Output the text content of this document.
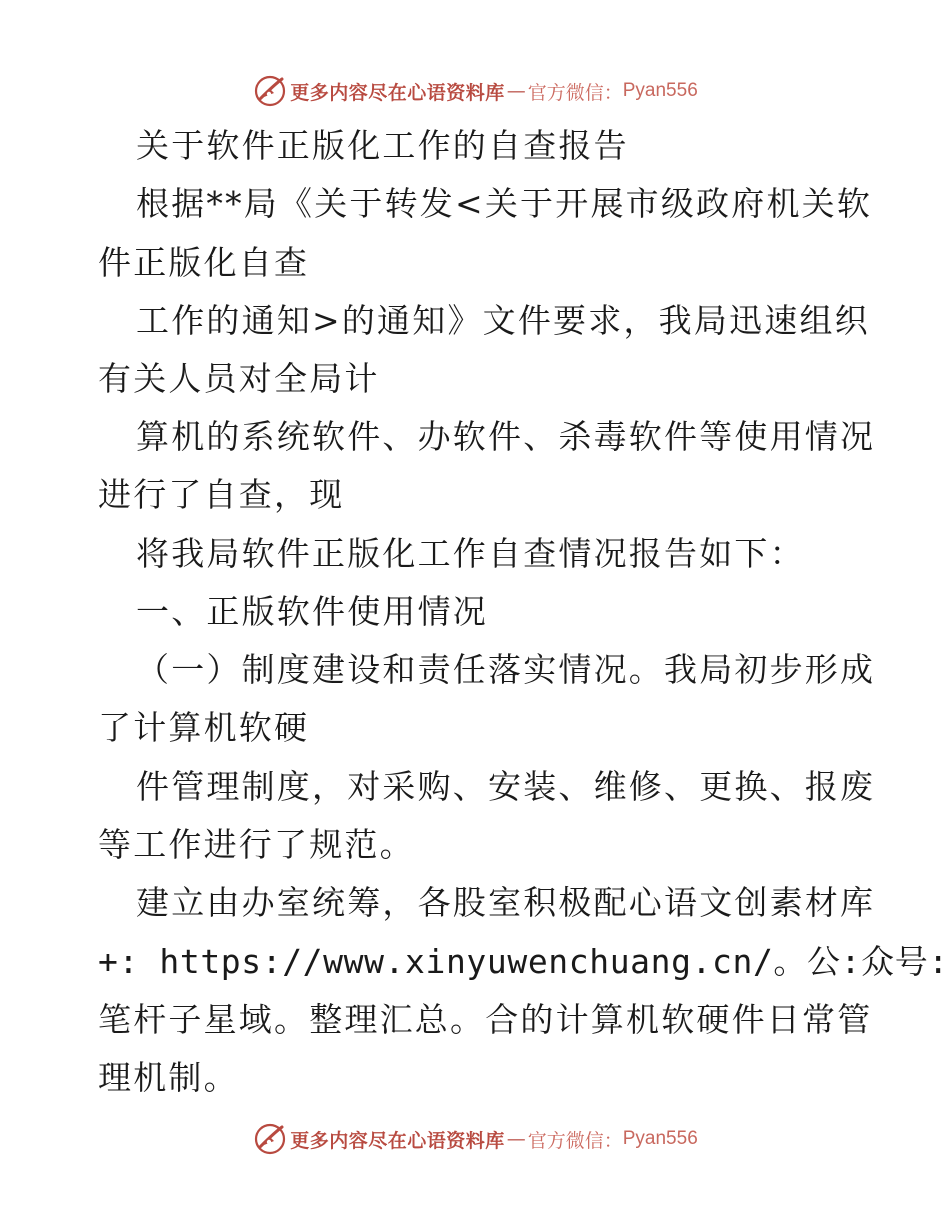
更多内容尽在心语资料库 — 官方微信： Pyan556
关于软件正版化工作的自查报告
根据**局《关于转发<关于开展市级政府机关软
件正版化自查
工作的通知>的通知》文件要求，我局迅速组织
有关人员对全局计
算机的系统软件、办软件、杀毒软件等使用情况
进行了自查，现
将我局软件正版化工作自查情况报告如下：
一、正版软件使用情况
（一）制度建设和责任落实情况。我局初步形成
了计算机软硬
件管理制度，对采购、安装、维修、更换、报废
等工作进行了规范。
建立由办室统筹，各股室积极配心语文创素材库
+: https://www.xinyuwenchuang.cn/。公:众号:
笔杆子星域。整理汇总。合的计算机软硬件日常管
理机制。
更多内容尽在心语资料库 — 官方微信： Pyan556
